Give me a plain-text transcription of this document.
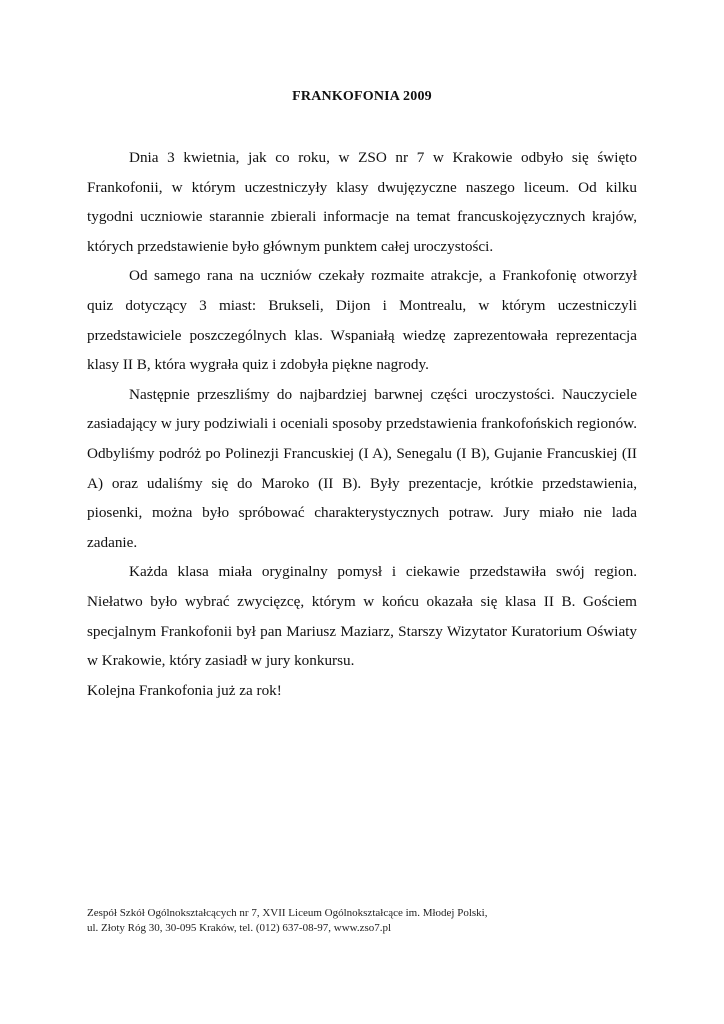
FRANKOFONIA 2009

Dnia 3 kwietnia, jak co roku, w ZSO nr 7 w Krakowie odbyło się święto Frankofonii, w którym uczestniczyły klasy dwujęzyczne naszego liceum. Od kilku tygodni uczniowie starannie zbierali informacje na temat francuskojęzycznych krajów, których przedstawienie było głównym punktem całej uroczystości.

Od samego rana na uczniów czekały rozmaite atrakcje, a Frankofonię otworzył quiz dotyczący 3 miast: Brukseli, Dijon i Montrealu, w którym uczestniczyli przedstawiciele poszczególnych klas. Wspaniałą wiedzę zaprezentowała reprezentacja klasy II B, która wygrała quiz i zdobyła piękne nagrody.

Następnie przeszliśmy do najbardziej barwnej części uroczystości. Nauczyciele zasiadający w jury podziwiali i oceniali sposoby przedstawienia frankofońskich regionów. Odbyliśmy podróż po Polinezji Francuskiej (I A), Senegalu (I B), Gujanie Francuskiej (II A) oraz udaliśmy się do Maroko (II B). Były prezentacje, krótkie przedstawienia, piosenki, można było spróbować charakterystycznych potraw. Jury miało nie lada zadanie.

Każda klasa miała oryginalny pomysł i ciekawie przedstawiła swój region. Niełatwo było wybrać zwycięzcę, którym w końcu okazała się klasa II B. Gościem specjalnym Frankofonii był pan Mariusz Maziarz, Starszy Wizytator Kuratorium Oświaty w Krakowie, który zasiadł w jury konkursu.

Kolejna Frankofonia już za rok!

Zespół Szkół Ogólnokształcących nr 7, XVII Liceum Ogólnokształcące im. Młodej Polski,
ul. Złoty Róg 30, 30-095 Kraków, tel. (012) 637-08-97, www.zso7.pl
